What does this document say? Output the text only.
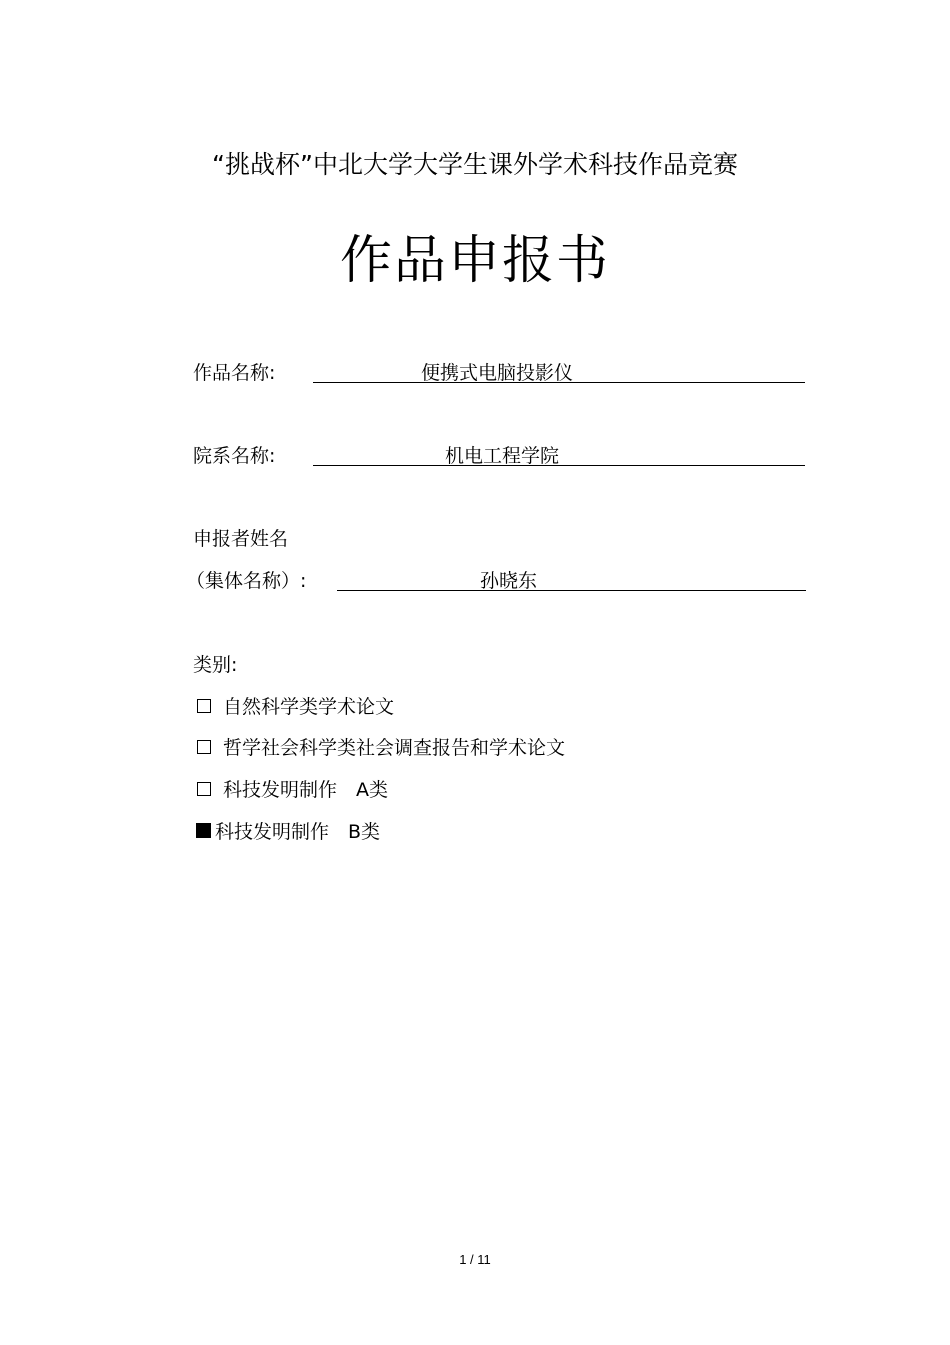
“挑战杯”中北大学大学生课外学术科技作品竞赛
作品申报书
作品名称:	便携式电脑投影仪
院系名称:	机电工程学院
申报者姓名
（集体名称）:	孙晓东
类别:
自然科学类学术论文
哲学社会科学类社会调查报告和学术论文
科技发明制作　A类
科技发明制作　B类
1 / 11
